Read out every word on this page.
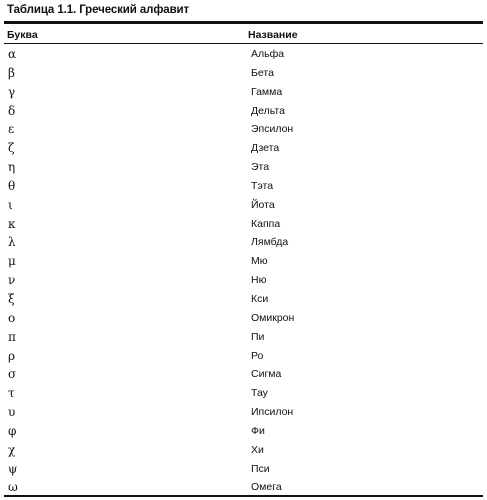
Таблица 1.1. Греческий алфавит
Буква	Название
α	Альфа
β	Бета
γ	Гамма
δ	Дельта
ε	Эпсилон
ζ	Дзета
η	Эта
θ	Тэта
ι	Йота
κ	Каппа
λ	Лямбда
μ	Мю
ν	Ню
ξ	Кси
ο	Омикрон
π	Пи
ρ	Ро
σ	Сигма
τ	Тау
υ	Ипсилон
φ	Фи
χ	Хи
ψ	Пси
ω	Омега
